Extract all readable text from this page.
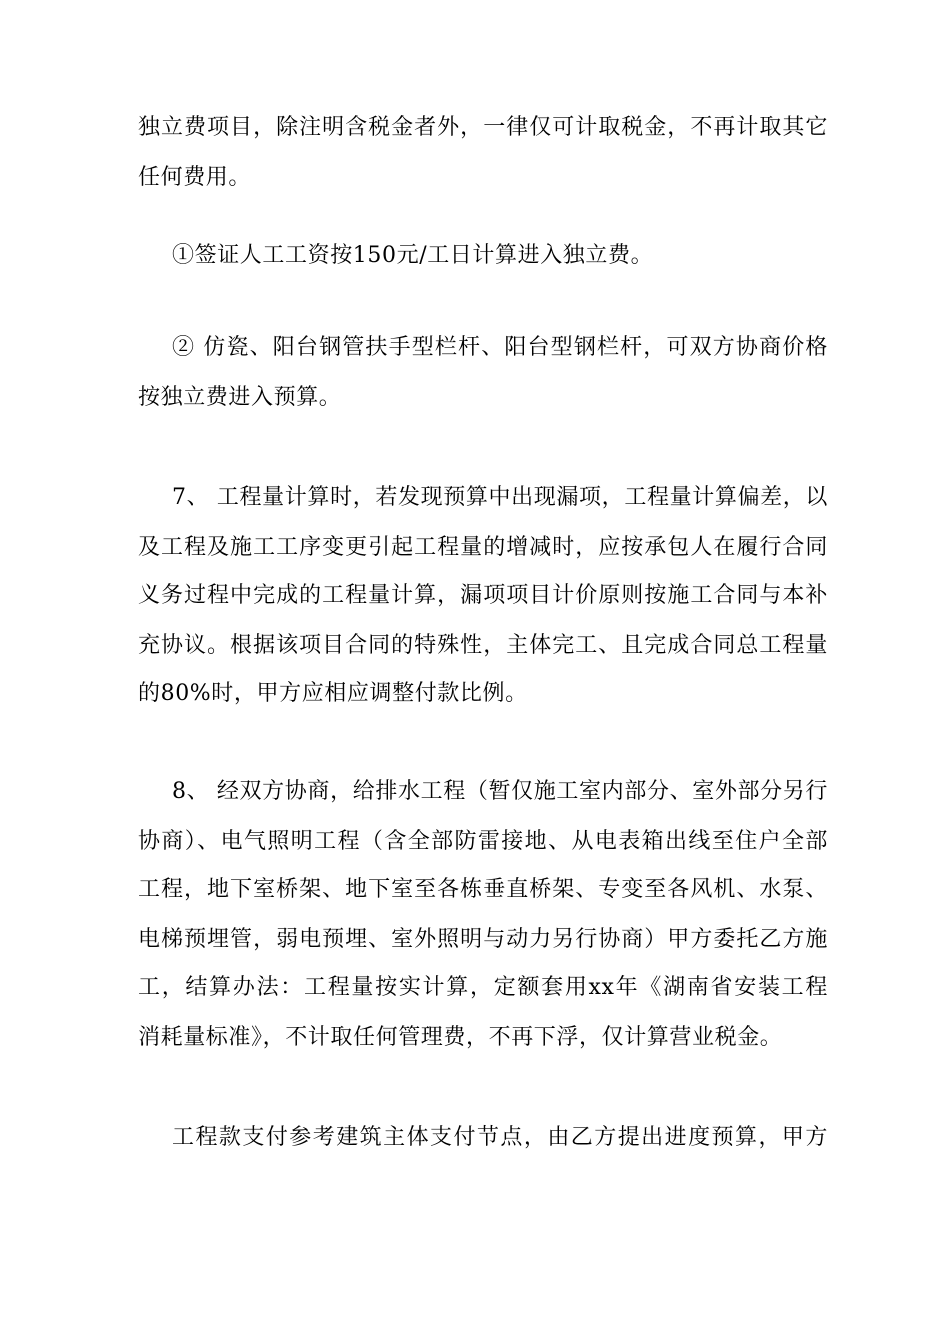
独立费项目，除注明含税金者外，一律仅可计取税金，不再计取其它
任何费用。
①签证人工工资按150元/工日计算进入独立费。
② 仿瓷、阳台钢管扶手型栏杆、阳台型钢栏杆，可双方协商价格
按独立费进入预算。
7、 工程量计算时，若发现预算中出现漏项，工程量计算偏差，以
及工程及施工工序变更引起工程量的增减时，应按承包人在履行合同
义务过程中完成的工程量计算，漏项项目计价原则按施工合同与本补
充协议。根据该项目合同的特殊性，主体完工、且完成合同总工程量
的80%时，甲方应相应调整付款比例。
8、 经双方协商，给排水工程（暂仅施工室内部分、室外部分另行
协商）、电气照明工程（含全部防雷接地、从电表箱出线至住户全部
工程，地下室桥架、地下室至各栋垂直桥架、专变至各风机、水泵、
电梯预埋管，弱电预埋、室外照明与动力另行协商）甲方委托乙方施
工，结算办法：工程量按实计算，定额套用xx年《湖南省安装工程
消耗量标准》，不计取任何管理费，不再下浮，仅计算营业税金。
工程款支付参考建筑主体支付节点，由乙方提出进度预算，甲方
